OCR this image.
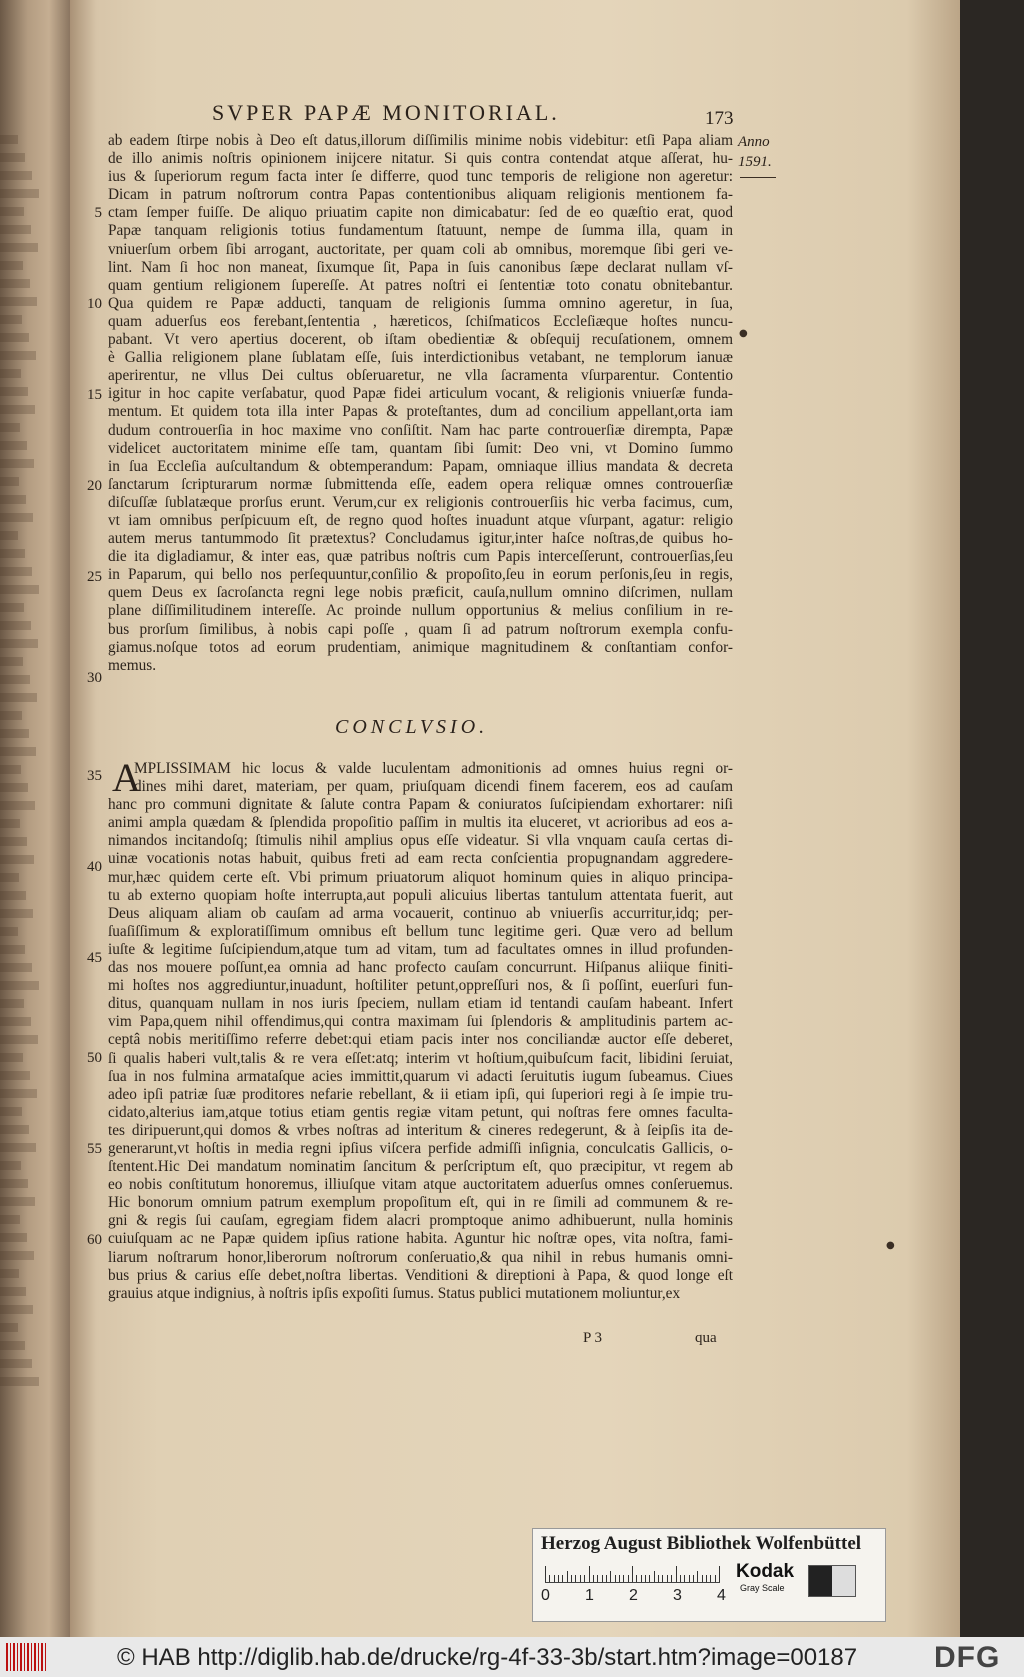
SVPER PAPÆ MONITORIAL.	173
Anno
1591.
ab eadem ſtirpe nobis à Deo eſt datus,illorum diſſimilis minime nobis videbitur: etſi Papa aliam
de illo animis noſtris opinionem inijcere nitatur. Si quis contra contendat atque aſſerat, hu-
ius & ſuperiorum regum facta inter ſe differre, quod tunc temporis de religione non ageretur:
Dicam in patrum noſtrorum contra Papas contentionibus aliquam religionis mentionem fa-
ctam ſemper fuiſſe. De aliquo priuatim capite non dimicabatur: ſed de eo quæſtio erat, quod
Papæ tanquam religionis totius fundamentum ſtatuunt, nempe de ſumma illa, quam in
vniuerſum orbem ſibi arrogant, auctoritate, per quam coli ab omnibus, moremque ſibi geri ve-
lint. Nam ſi hoc non maneat, ſixumque ſit, Papa in ſuis canonibus ſæpe declarat nullam vſ-
quam gentium religionem ſupereſſe. At patres noſtri ei ſententiæ toto conatu obnitebantur.
Qua quidem re Papæ adducti, tanquam de religionis ſumma omnino ageretur, in ſua,
quam aduerſus eos ferebant,ſententia , hæreticos, ſchiſmaticos Eccleſiæque hoſtes nuncu-
pabant. Vt vero apertius docerent, ob iſtam obedientiæ & obſequij recuſationem, omnem
è Gallia religionem plane ſublatam eſſe, ſuis interdictionibus vetabant, ne templorum ianuæ
aperirentur, ne vllus Dei cultus obſeruaretur, ne vlla ſacramenta vſurparentur. Contentio
igitur in hoc capite verſabatur, quod Papæ fidei articulum vocant, & religionis vniuerſæ funda-
mentum. Et quidem tota illa inter Papas & proteſtantes, dum ad concilium appellant,orta iam
dudum controuerſia in hoc maxime vno conſiſtit. Nam hac parte controuerſiæ dirempta, Papæ
videlicet auctoritatem minime eſſe tam, quantam ſibi ſumit: Deo vni, vt Domino ſummo
in ſua Eccleſia auſcultandum & obtemperandum: Papam, omniaque illius mandata & decreta
ſanctarum ſcripturarum normæ ſubmittenda eſſe, eadem opera reliquæ omnes controuerſiæ
diſcuſſæ ſublatæque prorſus erunt. Verum,cur ex religionis controuerſiis hic verba facimus, cum,
vt iam omnibus perſpicuum eſt, de regno quod hoſtes inuadunt atque vſurpant, agatur: religio
autem merus tantummodo ſit prætextus? Concludamus igitur,inter haſce noſtras,de quibus ho-
die ita digladiamur, & inter eas, quæ patribus noſtris cum Papis interceſſerunt, controuerſias,ſeu
in Paparum, qui bello nos perſequuntur,conſilio & propoſito,ſeu in eorum perſonis,ſeu in regis,
quem Deus ex ſacroſancta regni lege nobis præficit, cauſa,nullum omnino diſcrimen, nullam
plane diſſimilitudinem intereſſe. Ac proinde nullum opportunius & melius conſilium in re-
bus prorſum ſimilibus, à nobis capi poſſe , quam ſi ad patrum noſtrorum exempla confu-
giamus.noſque totos ad eorum prudentiam, animique magnitudinem & conſtantiam confor-
memus.
CONCLVSIO.
A
MPLISSIMAM hic locus & valde luculentam admonitionis ad omnes huius regni or-
dines mihi daret, materiam, per quam, priuſquam dicendi finem facerem, eos ad cauſam
hanc pro communi dignitate & ſalute contra Papam & coniuratos ſuſcipiendam exhortarer: niſi
animi ampla quædam & ſplendida propoſitio paſſim in multis ita eluceret, vt acrioribus ad eos a-
nimandos incitandoſq; ſtimulis nihil amplius opus eſſe videatur. Si vlla vnquam cauſa certas di-
uinæ vocationis notas habuit, quibus freti ad eam recta conſcientia propugnandam aggredere-
mur,hæc quidem certe eſt. Vbi primum priuatorum aliquot hominum quies in aliquo principa-
tu ab externo quopiam hoſte interrupta,aut populi alicuius libertas tantulum attentata fuerit, aut
Deus aliquam aliam ob cauſam ad arma vocauerit, continuo ab vniuerſis accurritur,idq; per-
ſuaſiſſimum & exploratiſſimum omnibus eſt bellum tunc legitime geri. Quæ vero ad bellum
iuſte & legitime ſuſcipiendum,atque tum ad vitam, tum ad facultates omnes in illud profunden-
das nos mouere poſſunt,ea omnia ad hanc profecto cauſam concurrunt. Hiſpanus aliique finiti-
mi hoſtes nos aggrediuntur,inuadunt, hoſtiliter petunt,oppreſſuri nos, & ſi poſſint, euerſuri fun-
ditus, quanquam nullam in nos iuris ſpeciem, nullam etiam id tentandi cauſam habeant. Infert
vim Papa,quem nihil offendimus,qui contra maximam ſui ſplendoris & amplitudinis partem ac-
ceptâ nobis meritiſſimo referre debet:qui etiam pacis inter nos conciliandæ auctor eſſe deberet,
ſi qualis haberi vult,talis & re vera eſſet:atq; interim vt hoſtium,quibuſcum facit, libidini ſeruiat,
ſua in nos fulmina armataſque acies immittit,quarum vi adacti ſeruitutis iugum ſubeamus. Ciues
adeo ipſi patriæ ſuæ proditores nefarie rebellant, & ii etiam ipſi, qui ſuperiori regi à ſe impie tru-
cidato,alterius iam,atque totius etiam gentis regiæ vitam petunt, qui noſtras fere omnes faculta-
tes diripuerunt,qui domos & vrbes noſtras ad interitum & cineres redegerunt, & à ſeipſis ita de-
generarunt,vt hoſtis in media regni ipſius viſcera perfide admiſſi inſignia, conculcatis Gallicis, o-
ſtentent.Hic Dei mandatum nominatim ſancitum & perſcriptum eſt, quo præcipitur, vt regem ab
eo nobis conſtitutum honoremus, illiuſque vitam atque auctoritatem aduerſus omnes conſeruemus.
Hic bonorum omnium patrum exemplum propoſitum eſt, qui in re ſimili ad communem & re-
gni & regis ſui cauſam, egregiam fidem alacri promptoque animo adhibuerunt, nulla hominis
cuiuſquam ac ne Papæ quidem ipſius ratione habita. Aguntur hic noſtræ opes, vita noſtra, fami-
liarum noſtrarum honor,liberorum noſtrorum conſeruatio,& qua nihil in rebus humanis omni-
bus prius & carius eſſe debet,noſtra libertas. Venditioni & direptioni à Papa, & quod longe eſt
grauius atque indignius, à noſtris ipſis expoſiti ſumus. Status publici mutationem moliuntur,ex
5
10
15
20
25
30
35
40
45
50
55
60
●
●
P 3	qua
Herzog August Bibliothek Wolfenbüttel
0 1 2 3 4
Kodak
Gray Scale
© HAB http://diglib.hab.de/drucke/rg-4f-33-3b/start.htm?image=00187	DFG
